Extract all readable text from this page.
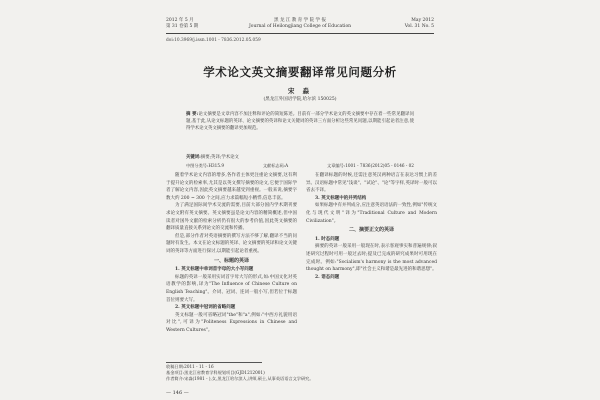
2012 年 5 月
第 31 卷第 5 期
黑 龙 江 教 育 学 院 学 报
Journal of Heilongjiang College of Education
May 2012
Vol. 31 No. 5
doi:10.3969/j.issn.1001 - 7836.2012.05.059
学术论文英文摘要翻译常见问题分析
宋 淼
(黑龙江外国语学院,哈尔滨 150025)
摘 要:论文摘要是文章内容不加注释和评论的简短陈述。目前有一部分学术论文的英文摘要中存在着一些常见翻译问题,基于此,从论文标题的英译、论文摘要的英译和论文关键词的英译三方面分析这些常见问题,以期能引起论者注意,使得学术论文英文摘要的翻译更加规范。
关键词:摘要;英译;学术论文
中图分类号:H315.9	文献标志码:A	文章编号:1001 - 7836(2012)05 - 0146 - 02

随着学术论文内容的增多,各作者主体更注重论文摘要,这有利于提升论文的检索率,尤其是以英文撰写摘要的论文,它便于国际学者了解论文内容,因此英文摘要越来越受到重视。一般来说,摘要字数大约 200 ~ 300 个之间,应力求篇幅短小精悍,信息丰富。

为了满足国际间学术交流的需要,目前大部分国内学术期刊要求论文附有英文摘要。英文摘要虽是论文内容的精简概述,但中国读者对国外文献的检索分析仍有很大的参考价值,因此英文摘要的翻译质量直接关系到论文的交流和传播。

但是,部分作者对英语摘要的撰写方法不够了解,翻译不当的问题时有发生。本文在论文标题的英译、论文摘要的英译和论文关键词的英译等方面进行探讨,以期能引起论者重视。

一、标题的英译

1. 英文标题中单词首字母的大小写问题

标题的英译一般采用实词首字母大写的形式,如:中国文化对英语教学的影响,译为"The Influence of Chinese Culture on English Teaching"。介词、冠词、连词一般小写,但若位于标题首位则要大写。

2. 英文标题中冠词的省略问题

英文标题一般可省略冠词"the"和"a",例如:"中西方礼貌用语对比",可译为"Politeness Expressions in Chinese and Western Cultures"。

在翻译标题的时候,还需注意英汉两种语言在表达习惯上的差异。汉语标题中常见"浅谈"、"试论"、"论"等字样,英译时一般可以省去不译。

3. 英文标题中的并列结构

如果标题中有并列成分,应注意英语语法的一致性,例如"传统文化与现代文明"译为"Traditional Culture and Modern Civilization"。

二、摘要正文的英译

1. 时态问题

摘要的英译一般采用一般现在时,表示客观事实和普遍规律;叙述研究过程时可用一般过去时;提及已完成的研究成果时可用现在完成时。例如:"Socialism's harmony is the most advanced thought on harmony",即"社会主义和谐是最先进的和谐思想"。

2. 语态问题

收稿日期:2011 - 11 - 16
基金项目:黑龙江省教育学科规划项目(GJD1212001)
作者简介:宋淼(1981 - ),女,黑龙江哈尔滨人,讲师,硕士,从事英语语言文学研究。
— 146 —
